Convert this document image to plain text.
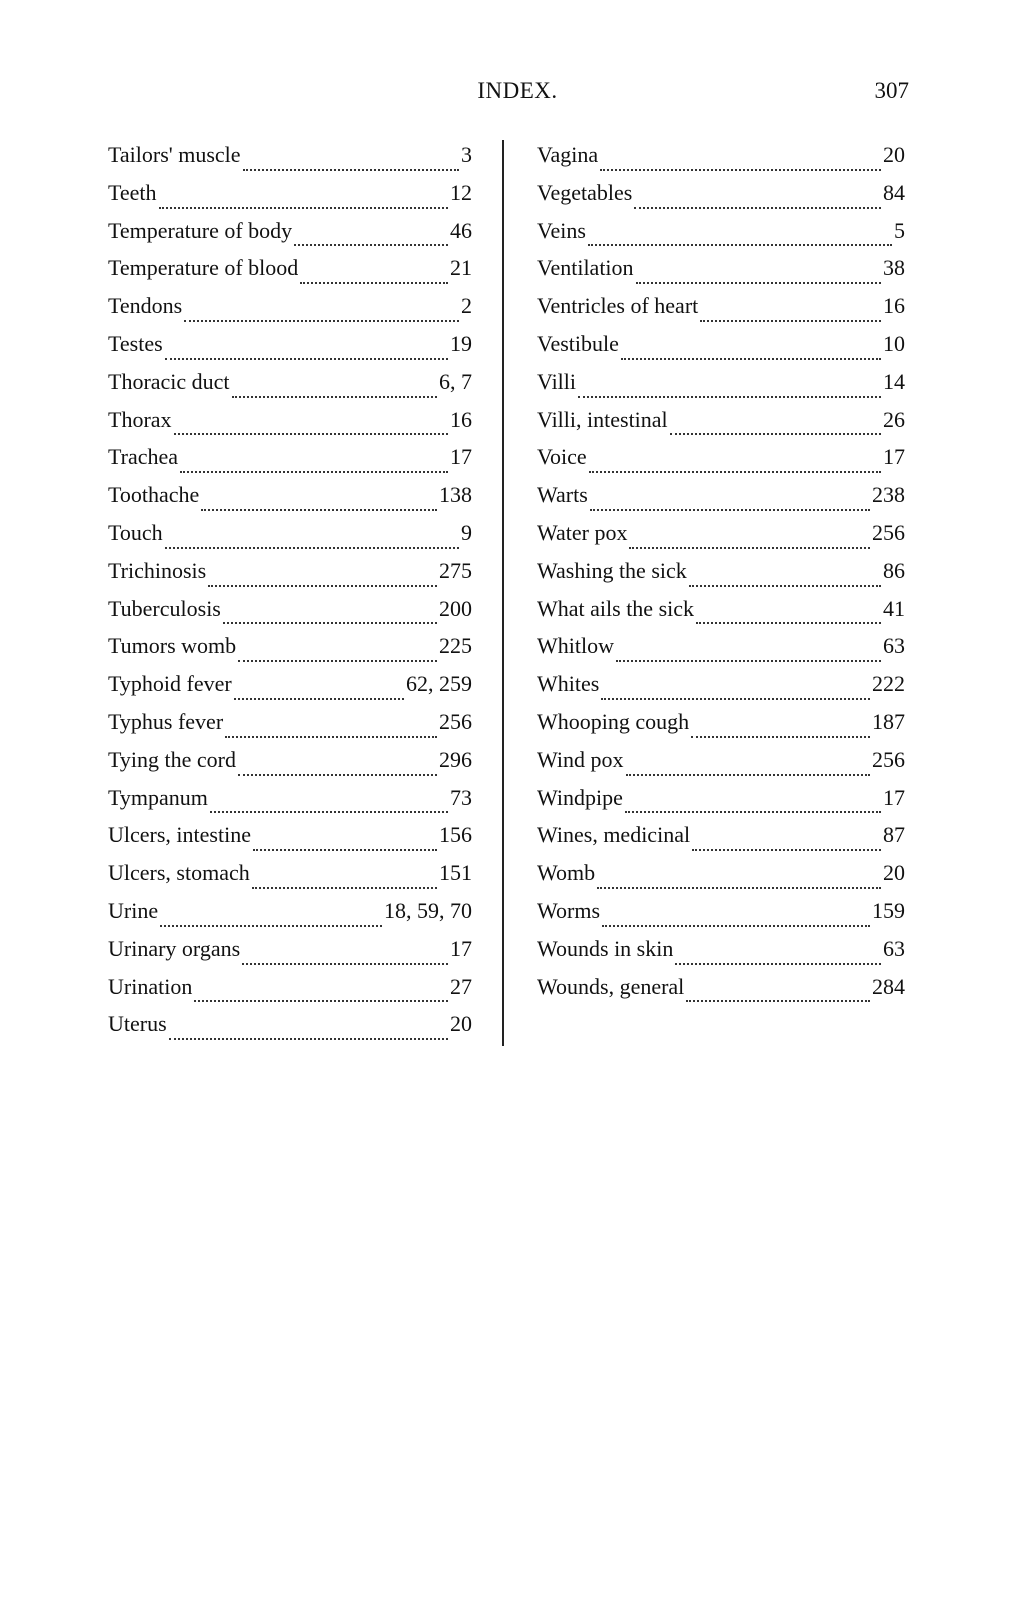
INDEX.	307
Tailors' muscle	3
Teeth	12
Temperature of body	46
Temperature of blood	21
Tendons	2
Testes	19
Thoracic duct	6, 7
Thorax	16
Trachea	17
Toothache	138
Touch	9
Trichinosis	275
Tuberculosis	200
Tumors womb	225
Typhoid fever	62, 259
Typhus fever	256
Tying the cord	296
Tympanum	73
Ulcers, intestine	156
Ulcers, stomach	151
Urine	18, 59, 70
Urinary organs	17
Urination	27
Uterus	20
Vagina	20
Vegetables	84
Veins	5
Ventilation	38
Ventricles of heart	16
Vestibule	10
Villi	14
Villi, intestinal	26
Voice	17
Warts	238
Water pox	256
Washing the sick	86
What ails the sick	41
Whitlow	63
Whites	222
Whooping cough	187
Wind pox	256
Windpipe	17
Wines, medicinal	87
Womb	20
Worms	159
Wounds in skin	63
Wounds, general	284
